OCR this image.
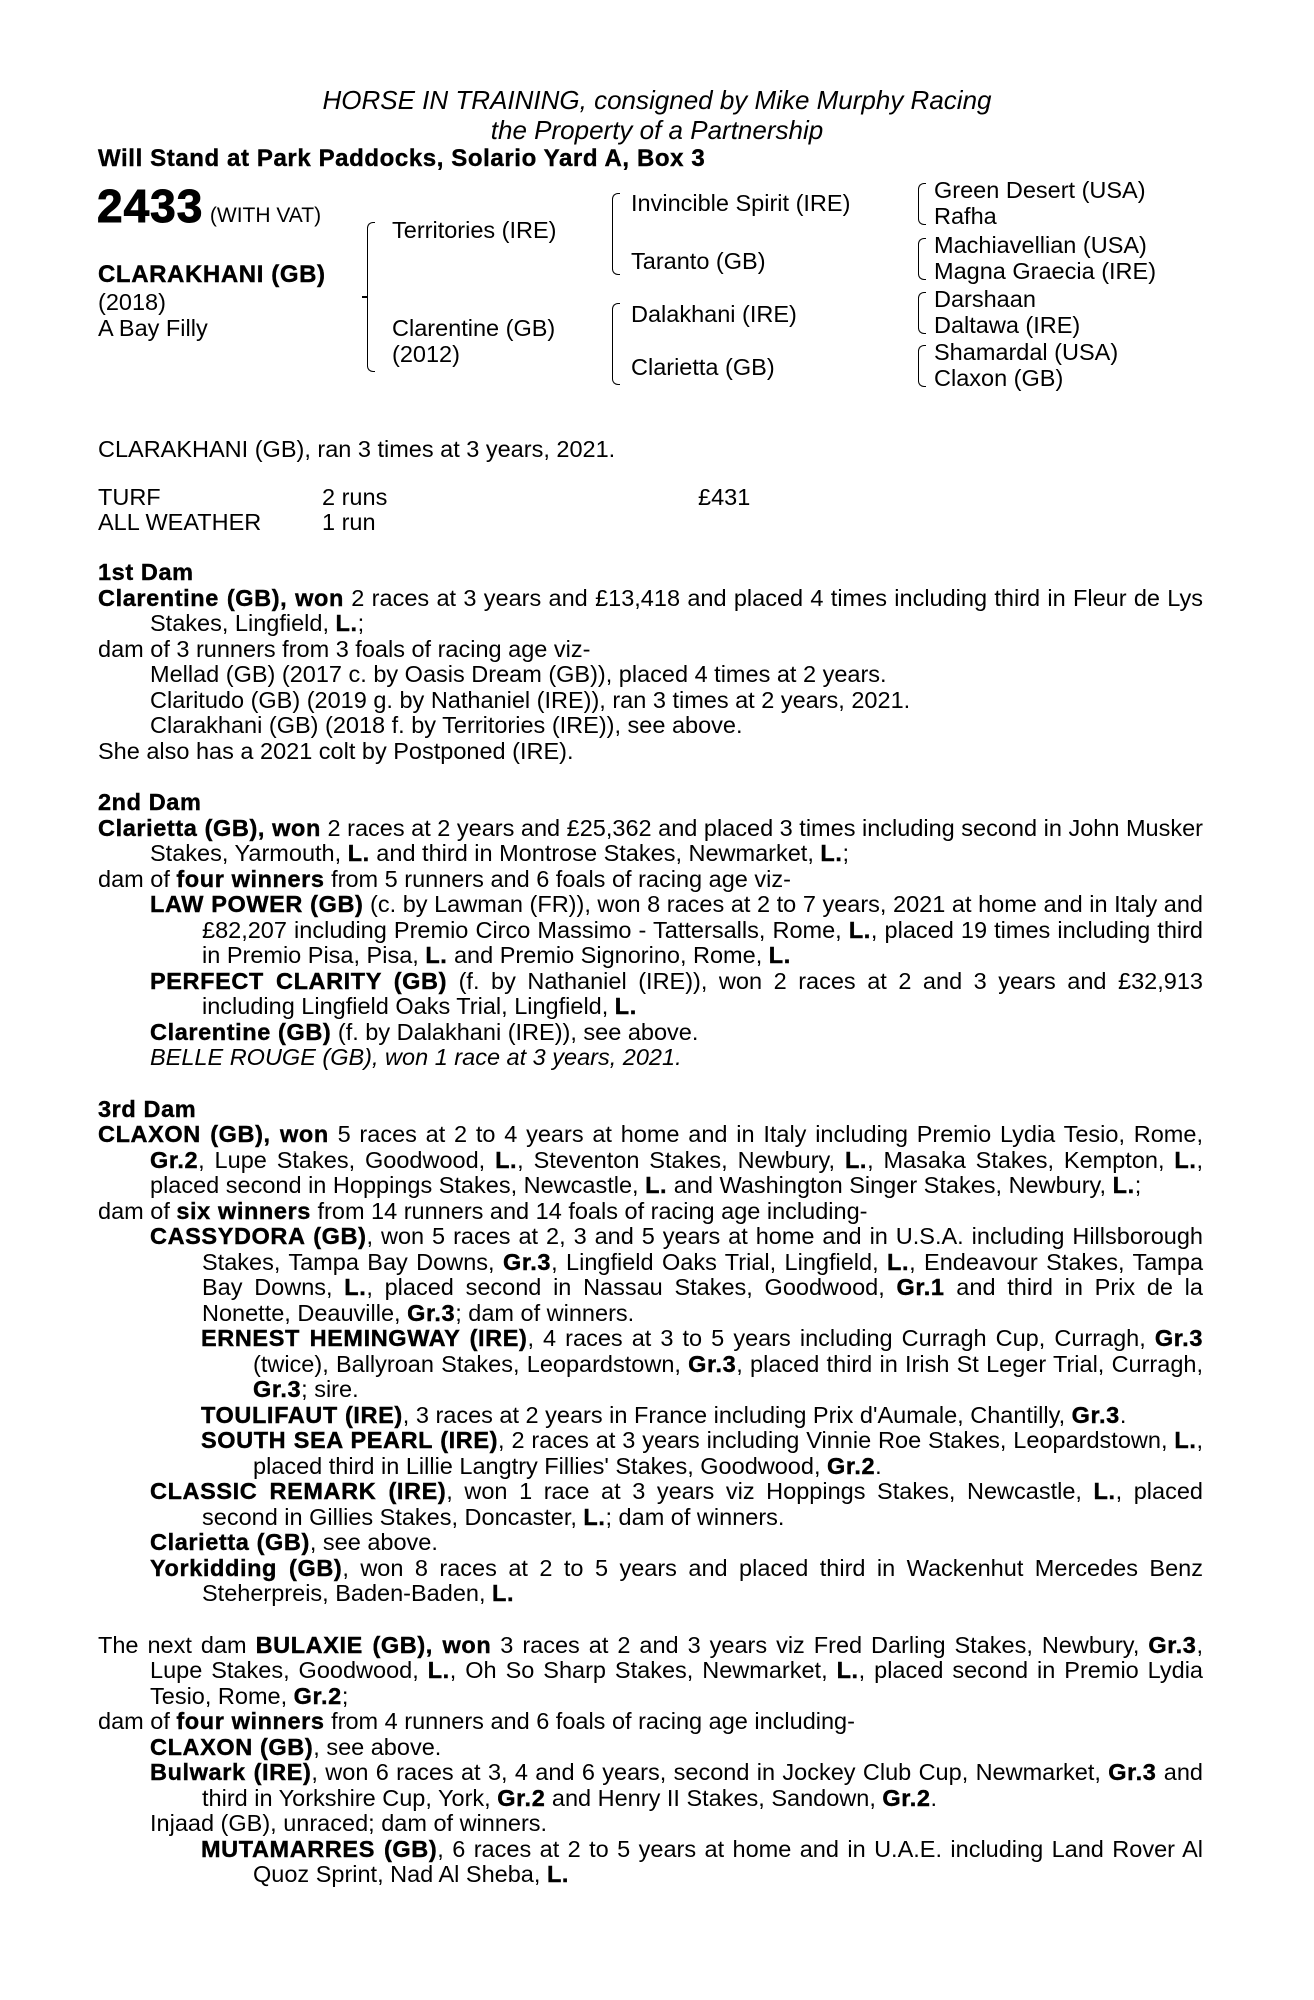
HORSE IN TRAINING, consigned by Mike Murphy Racing
the Property of a Partnership
Will Stand at Park Paddocks, Solario Yard A, Box 3
2433 (WITH VAT)
CLARAKHANI (GB)
(2018)
A Bay Filly
Territories (IRE)
Clarentine (GB)
(2012)
Invincible Spirit (IRE)
Taranto (GB)
Dalakhani (IRE)
Clarietta (GB)
Green Desert (USA)
Rafha
Machiavellian (USA)
Magna Graecia (IRE)
Darshaan
Daltawa (IRE)
Shamardal (USA)
Claxon (GB)
CLARAKHANI (GB), ran 3 times at 3 years, 2021.
TURF	2 runs	£431
ALL WEATHER	1 run
1st Dam
Clarentine (GB), won 2 races at 3 years and £13,418 and placed 4 times including third in Fleur de Lys Stakes, Lingfield, L.;
dam of 3 runners from 3 foals of racing age viz-
Mellad (GB) (2017 c. by Oasis Dream (GB)), placed 4 times at 2 years.
Claritudo (GB) (2019 g. by Nathaniel (IRE)), ran 3 times at 2 years, 2021.
Clarakhani (GB) (2018 f. by Territories (IRE)), see above.
She also has a 2021 colt by Postponed (IRE).
2nd Dam
Clarietta (GB), won 2 races at 2 years and £25,362 and placed 3 times including second in John Musker Stakes, Yarmouth, L. and third in Montrose Stakes, Newmarket, L.;
dam of four winners from 5 runners and 6 foals of racing age viz-
LAW POWER (GB) (c. by Lawman (FR)), won 8 races at 2 to 7 years, 2021 at home and in Italy and £82,207 including Premio Circo Massimo - Tattersalls, Rome, L., placed 19 times including third in Premio Pisa, Pisa, L. and Premio Signorino, Rome, L.
PERFECT CLARITY (GB) (f. by Nathaniel (IRE)), won 2 races at 2 and 3 years and £32,913 including Lingfield Oaks Trial, Lingfield, L.
Clarentine (GB) (f. by Dalakhani (IRE)), see above.
BELLE ROUGE (GB), won 1 race at 3 years, 2021.
3rd Dam
CLAXON (GB), won 5 races at 2 to 4 years at home and in Italy including Premio Lydia Tesio, Rome, Gr.2, Lupe Stakes, Goodwood, L., Steventon Stakes, Newbury, L., Masaka Stakes, Kempton, L., placed second in Hoppings Stakes, Newcastle, L. and Washington Singer Stakes, Newbury, L.;
dam of six winners from 14 runners and 14 foals of racing age including-
CASSYDORA (GB), won 5 races at 2, 3 and 5 years at home and in U.S.A. including Hillsborough Stakes, Tampa Bay Downs, Gr.3, Lingfield Oaks Trial, Lingfield, L., Endeavour Stakes, Tampa Bay Downs, L., placed second in Nassau Stakes, Goodwood, Gr.1 and third in Prix de la Nonette, Deauville, Gr.3; dam of winners.
ERNEST HEMINGWAY (IRE), 4 races at 3 to 5 years including Curragh Cup, Curragh, Gr.3 (twice), Ballyroan Stakes, Leopardstown, Gr.3, placed third in Irish St Leger Trial, Curragh, Gr.3; sire.
TOULIFAUT (IRE), 3 races at 2 years in France including Prix d'Aumale, Chantilly, Gr.3.
SOUTH SEA PEARL (IRE), 2 races at 3 years including Vinnie Roe Stakes, Leopardstown, L., placed third in Lillie Langtry Fillies' Stakes, Goodwood, Gr.2.
CLASSIC REMARK (IRE), won 1 race at 3 years viz Hoppings Stakes, Newcastle, L., placed second in Gillies Stakes, Doncaster, L.; dam of winners.
Clarietta (GB), see above.
Yorkidding (GB), won 8 races at 2 to 5 years and placed third in Wackenhut Mercedes Benz Steherpreis, Baden-Baden, L.
The next dam BULAXIE (GB), won 3 races at 2 and 3 years viz Fred Darling Stakes, Newbury, Gr.3, Lupe Stakes, Goodwood, L., Oh So Sharp Stakes, Newmarket, L., placed second in Premio Lydia Tesio, Rome, Gr.2;
dam of four winners from 4 runners and 6 foals of racing age including-
CLAXON (GB), see above.
Bulwark (IRE), won 6 races at 3, 4 and 6 years, second in Jockey Club Cup, Newmarket, Gr.3 and third in Yorkshire Cup, York, Gr.2 and Henry II Stakes, Sandown, Gr.2.
Injaad (GB), unraced; dam of winners.
MUTAMARRES (GB), 6 races at 2 to 5 years at home and in U.A.E. including Land Rover Al Quoz Sprint, Nad Al Sheba, L.
